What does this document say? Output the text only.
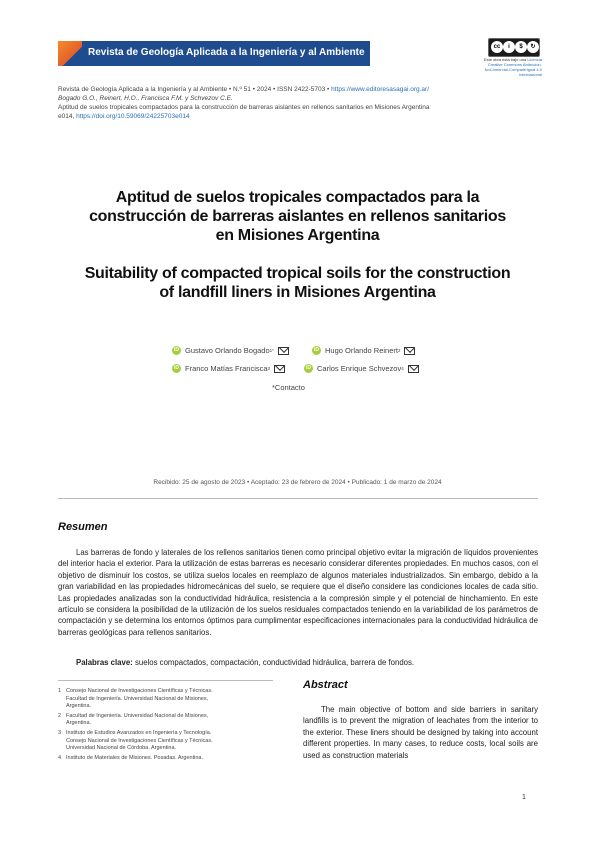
Revista de Geología Aplicada a la Ingeniería y al Ambiente	cc	i	$	↻
Este obra está bajo una Licencia Creative Commons Atribución-NoComercial-CompartirIgual 4.0 Internacional
Revista de Geología Aplicada a la Ingeniería y al Ambiente • N.º 51 • 2024 • ISSN 2422-5703 • https://www.editoresasagai.org.ar/
Bogado G.O., Reinert, H.O., Francisca F.M. y Schvezov C.E.
Aptitud de suelos tropicales compactados para la construcción de barreras aislantes en rellenos sanitarios en Misiones Argentina
e014, https://doi.org/10.59069/24225703e014
Aptitud de suelos tropicales compactados para la
construcción de barreras aislantes en rellenos sanitarios
en Misiones Argentina
Suitability of compacted tropical soils for the construction
of landfill liners in Misiones Argentina
iD Gustavo Orlando Bogado 1*	iD Hugo Orlando Reinert 2
iD Franco Matías Francisca 3	iD Carlos Enrique Schvezov 4
*Contacto
Recibido: 25 de agosto de 2023 • Aceptado: 23 de febrero de 2024 • Publicado: 1 de marzo de 2024
Resumen
Las barreras de fondo y laterales de los rellenos sanitarios tienen como principal objetivo evitar la migración de líquidos provenientes del interior hacia el exterior. Para la utilización de estas barreras es necesario considerar diferentes propiedades. En muchos casos, con el objetivo de disminuir los costos, se utiliza suelos locales en reemplazo de algunos materiales industrializados. Sin embargo, debido a la gran variabilidad en las propiedades hidromecánicas del suelo, se requiere que el diseño considere las condiciones locales de cada sitio. Las propiedades analizadas son la conductividad hidráulica, resistencia a la compresión simple y el potencial de hinchamiento. En este artículo se considera la posibilidad de la utilización de los suelos residuales compactados teniendo en la variabilidad de los parámetros de compactación y se determina los entornos óptimos para cumplimentar especificaciones internacionales para la conductividad hidráulica de barreras geológicas para rellenos sanitarios.
Palabras clave: suelos compactados, compactación, conductividad hidráulica, barrera de fondos.
1 Consejo Nacional de Investigaciones Científicas y Técnicas.
Facultad de Ingeniería. Universidad Nacional de Misiones,
Argentina.
2 Facultad de Ingeniería. Universidad Nacional de Misiones,
Argentina.
3 Instituto de Estudios Avanzados en Ingeniería y Tecnología.
Consejo Nacional de Investigaciones Científicas y Técnicas.
Universidad Nacional de Córdoba. Argentina.
4 Instituto de Materiales de Misiones. Posadas. Argentina.
Abstract
The main objective of bottom and side barriers in sanitary landfills is to prevent the migration of leachates from the interior to the exterior. These liners should be designed by taking into account different properties. In many cases, to reduce costs, local soils are used as construction materials
1
